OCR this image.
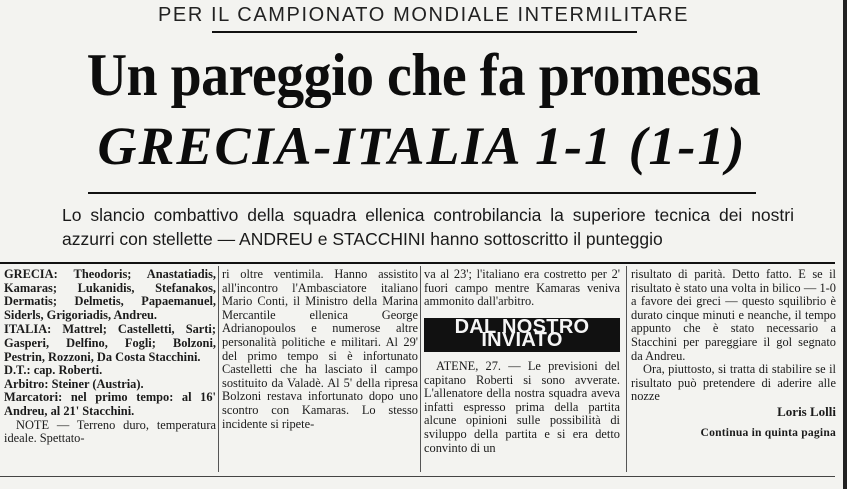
PER IL CAMPIONATO MONDIALE INTERMILITARE
Un pareggio che fa promessa
GRECIA-ITALIA 1-1 (1-1)
Lo slancio combattivo della squadra ellenica controbilancia la superiore tecnica dei nostri azzurri con stellette — ANDREU e STACCHINI hanno sottoscritto il punteggio

GRECIA: Theodoris; Anastatiadis, Kamaras; Lukanidis, Stefanakos, Dermatis; Delmetis, Papaemanuel, Siderls, Grigoriadis, Andreu.

ITALIA: Mattrel; Castelletti, Sarti; Gasperi, Delfino, Fogli; Bolzoni, Pestrin, Rozzoni, Da Costa Stacchini.

D.T.: cap. Roberti.

Arbitro: Steiner (Austria).

Marcatori: nel primo tempo: al 16' Andreu, al 21' Stacchini.

NOTE — Terreno duro, temperatura ideale. Spettato-

ri oltre ventimila. Hanno assistito all'incontro l'Ambasciatore italiano Mario Conti, il Ministro della Marina Mercantile ellenica George Adrianopoulos e numerose altre personalità politiche e militari. Al 29' del primo tempo si è infortunato Castelletti che ha lasciato il campo sostituito da Valadè. Al 5' della ripresa Bolzoni restava infortunato dopo uno scontro con Kamaras. Lo stesso incidente si ripete-

va al 23'; l'italiano era costretto per 2' fuori campo mentre Kamaras veniva ammonito dall'arbitro.

DAL NOSTRO INVIATO

ATENE, 27. — Le previsioni del capitano Roberti si sono avverate. L'allenatore della nostra squadra aveva infatti espresso prima della partita alcune opinioni sulle possibilità di sviluppo della partita e si era detto convinto di un

risultato di parità. Detto fatto. E se il risultato è stato una volta in bilico — 1-0 a favore dei greci — questo squilibrio è durato cinque minuti e neanche, il tempo appunto che è stato necessario a Stacchini per pareggiare il gol segnato da Andreu.

Ora, piuttosto, si tratta di stabilire se il risultato può pretendere di aderire alle nozze

Loris Lolli
Continua in quinta pagina
